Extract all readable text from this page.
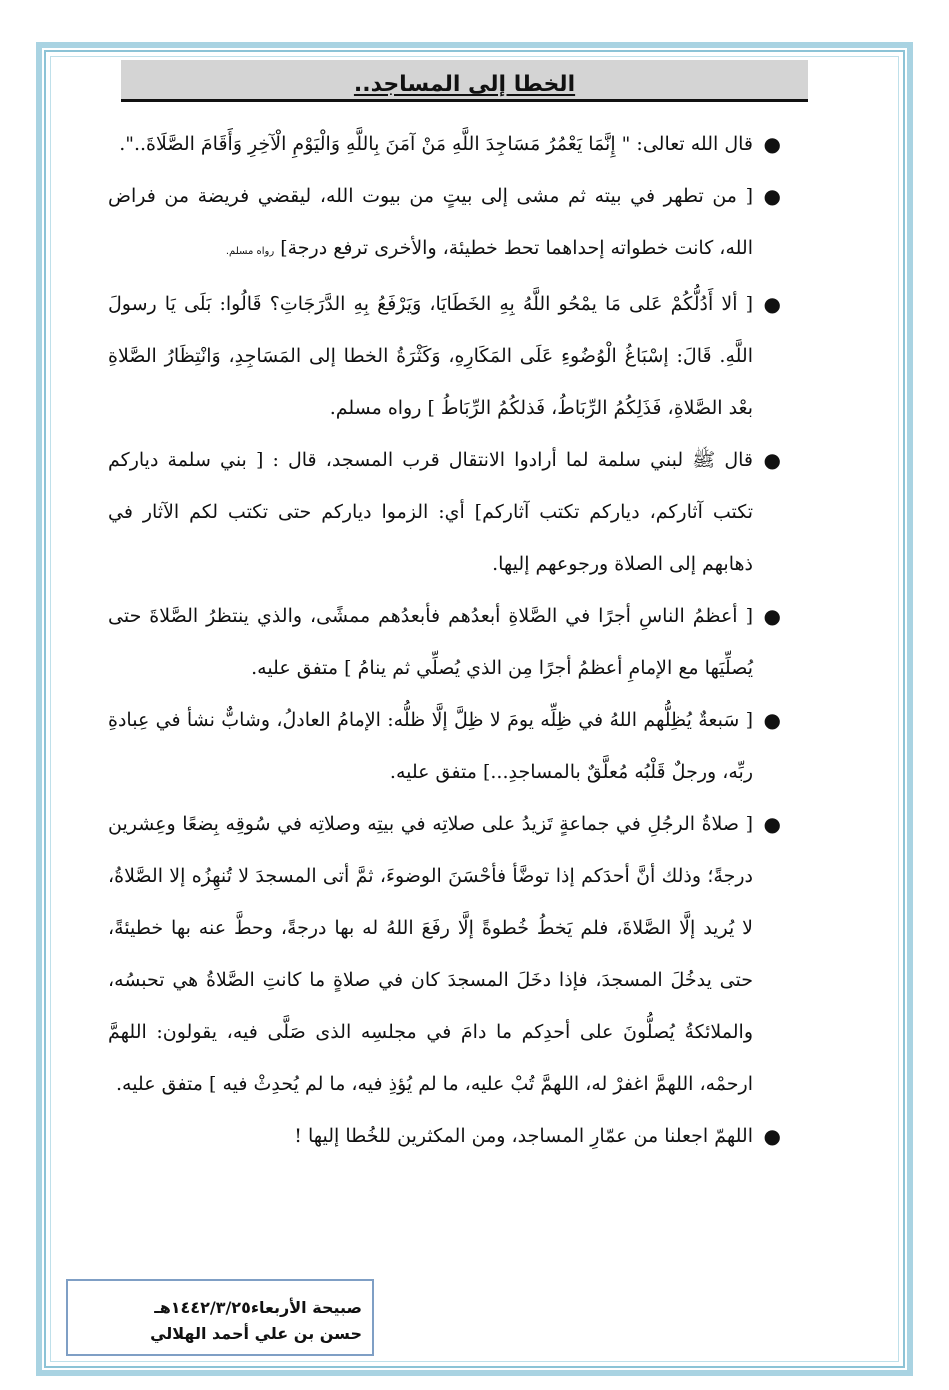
الخطا إلى المساجد..
●
قال الله تعالى: " إِنَّمَا يَعْمُرُ مَسَاجِدَ اللَّهِ مَنْ آمَنَ بِاللَّهِ وَالْيَوْمِ الْآخِرِ وَأَقَامَ الصَّلَاةَ..".
●
[ من تطهر في بيته ثم مشى إلى بيتٍ من بيوت الله، ليقضي فريضة من فراض الله، كانت خطواته إحداهما تحط خطيئة، والأخرى ترفع درجة] رواه مسلم.
●
[ ألا أَدُلُّكُمْ عَلى مَا يمْحُو اللَّهُ بِهِ الخَطَايَا، وَيَرْفَعُ بِهِ الدَّرَجَاتِ؟ قَالُوا: بَلَى يَا رسولَ اللَّهِ. قَالَ: إسْبَاغُ الْوُضُوءِ عَلَى المَكَارِهِ، وَكَثْرَةُ الخطا إلى المَسَاجِدِ، وَانْتِظَارُ الصَّلاةِ بعْد الصَّلاةِ، فَذَلِكُمُ الرِّبَاطُ، فَذلكُمُ الرِّبَاطُ ] رواه مسلم.
●
قال ﷺ لبني سلمة لما أرادوا الانتقال قرب المسجد، قال : [ بني سلمة دياركم تكتب آثاركم، دياركم تكتب آثاركم] أي: الزموا دياركم حتى تكتب لكم الآثار في ذهابهم إلى الصلاة ورجوعهم إليها.
●
[ أعظمُ الناسِ أجرًا في الصَّلاةِ أبعدُهم فأبعدُهم ممشًى، والذي ينتظرُ الصَّلاةَ حتى يُصلِّيَها مع الإمامِ أعظمُ أجرًا مِن الذي يُصلِّي ثم ينامُ ] متفق عليه.
●
[ سَبعةٌ يُظِلُّهم اللهُ في ظِلِّه يومَ لا ظِلَّ إلَّا ظلُّه: الإمامُ العادلُ، وشابٌّ نشأ في عِبادةِ ربِّه، ورجلٌ قَلْبُه مُعلَّقٌ بالمساجدِ...] متفق عليه.
●
[ صلاةُ الرجُلِ في جماعةٍ تَزيدُ على صلاتِه في بيتِه وصلاتِه في سُوقِه بِضعًا وعِشرين درجةً؛ وذلك أنَّ أحدَكم إذا توضَّأ فأحْسَنَ الوضوءَ، ثمَّ أتى المسجدَ لا تُنهِزُه إلا الصَّلاةُ، لا يُريد إلَّا الصَّلاةَ، فلم يَخطُ خُطوةً إلَّا رفَعَ اللهُ له بها درجةً، وحطَّ عنه بها خطيئةً، حتى يدخُلَ المسجدَ، فإذا دخَلَ المسجدَ كان في صلاةٍ ما كانتِ الصَّلاةُ هي تحبسُه، والملائكةُ يُصلُّونَ على أحدِكم ما دامَ في مجلسِه الذى صَلَّى فيه، يقولون: اللهمَّ ارحمْه، اللهمَّ اغفرْ له، اللهمَّ تُبْ عليه، ما لم يُؤذِ فيه، ما لم يُحدِثْ فيه ] متفق عليه.
●
اللهمّ اجعلنا من عمّارِ المساجد، ومن المكثرين للخُطا إليها !
صبيحة الأربعاء١٤٤٢/٣/٢٥هـ
حسن بن علي أحمد الهلالي
